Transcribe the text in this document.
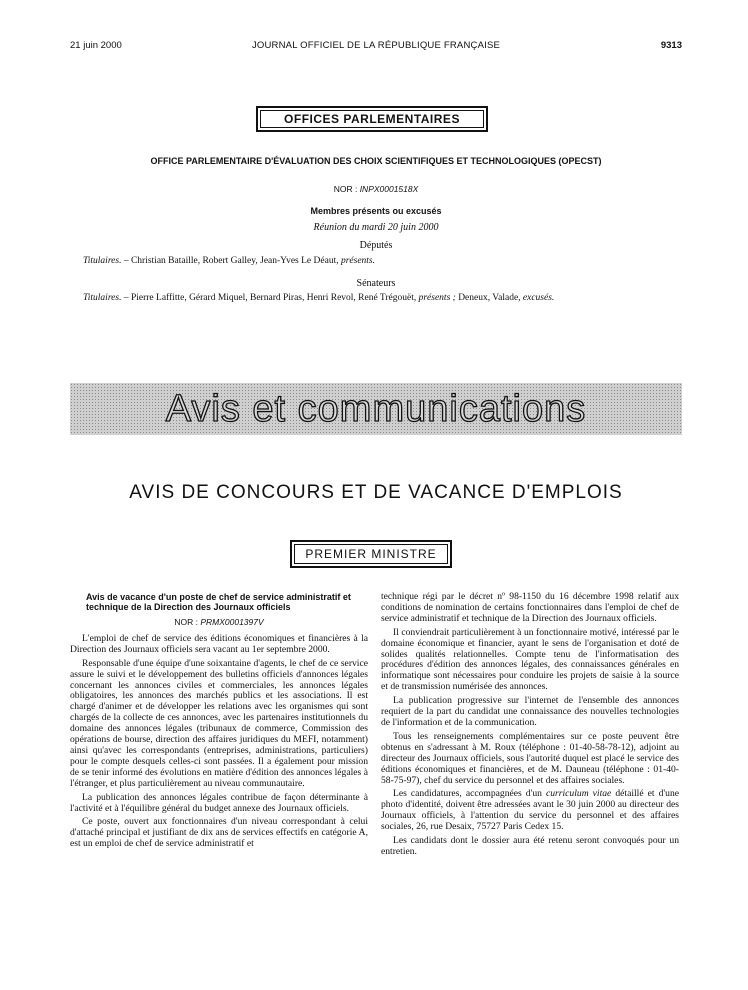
21 juin 2000	JOURNAL OFFICIEL DE LA RÉPUBLIQUE FRANÇAISE	9313
OFFICES PARLEMENTAIRES
OFFICE PARLEMENTAIRE D'ÉVALUATION DES CHOIX SCIENTIFIQUES ET TECHNOLOGIQUES (OPECST)
NOR : INPX0001518X
Membres présents ou excusés
Réunion du mardi 20 juin 2000
Députés
Titulaires. – Christian Bataille, Robert Galley, Jean-Yves Le Déaut, présents.
Sénateurs
Titulaires. – Pierre Laffitte, Gérard Miquel, Bernard Piras, Henri Revol, René Trégouët, présents ; Deneux, Valade, excusés.
Avis et communications
AVIS DE CONCOURS ET DE VACANCE D'EMPLOIS
PREMIER MINISTRE
Avis de vacance d'un poste de chef de service administratif et technique de la Direction des Journaux officiels
NOR : PRMX0001397V

L'emploi de chef de service des éditions économiques et financières à la Direction des Journaux officiels sera vacant au 1er septembre 2000.

Responsable d'une équipe d'une soixantaine d'agents, le chef de ce service assure le suivi et le développement des bulletins officiels d'annonces légales concernant les annonces civiles et commerciales, les annonces légales obligatoires, les annonces des marchés publics et les associations. Il est chargé d'animer et de développer les relations avec les organismes qui sont chargés de la collecte de ces annonces, avec les partenaires institutionnels du domaine des annonces légales (tribunaux de commerce, Commission des opérations de bourse, direction des affaires juridiques du MEFI, notamment) ainsi qu'avec les correspondants (entreprises, administrations, particuliers) pour le compte desquels celles-ci sont passées. Il a également pour mission de se tenir informé des évolutions en matière d'édition des annonces légales à l'étranger, et plus particulièrement au niveau communautaire.

La publication des annonces légales contribue de façon déterminante à l'activité et à l'équilibre général du budget annexe des Journaux officiels.

Ce poste, ouvert aux fonctionnaires d'un niveau correspondant à celui d'attaché principal et justifiant de dix ans de services effectifs en catégorie A, est un emploi de chef de service administratif et

technique régi par le décret nº 98-1150 du 16 décembre 1998 relatif aux conditions de nomination de certains fonctionnaires dans l'emploi de chef de service administratif et technique de la Direction des Journaux officiels.

Il conviendrait particulièrement à un fonctionnaire motivé, intéressé par le domaine économique et financier, ayant le sens de l'organisation et doté de solides qualités relationnelles. Compte tenu de l'informatisation des procédures d'édition des annonces légales, des connaissances générales en informatique sont nécessaires pour conduire les projets de saisie à la source et de transmission numérisée des annonces.

La publication progressive sur l'internet de l'ensemble des annonces requiert de la part du candidat une connaissance des nouvelles technologies de l'information et de la communication.

Tous les renseignements complémentaires sur ce poste peuvent être obtenus en s'adressant à M. Roux (téléphone : 01-40-58-78-12), adjoint au directeur des Journaux officiels, sous l'autorité duquel est placé le service des éditions économiques et financières, et de M. Dauneau (téléphone : 01-40-58-75-97), chef du service du personnel et des affaires sociales.

Les candidatures, accompagnées d'un curriculum vitae détaillé et d'une photo d'identité, doivent être adressées avant le 30 juin 2000 au directeur des Journaux officiels, à l'attention du service du personnel et des affaires sociales, 26, rue Desaix, 75727 Paris Cedex 15.

Les candidats dont le dossier aura été retenu seront convoqués pour un entretien.
